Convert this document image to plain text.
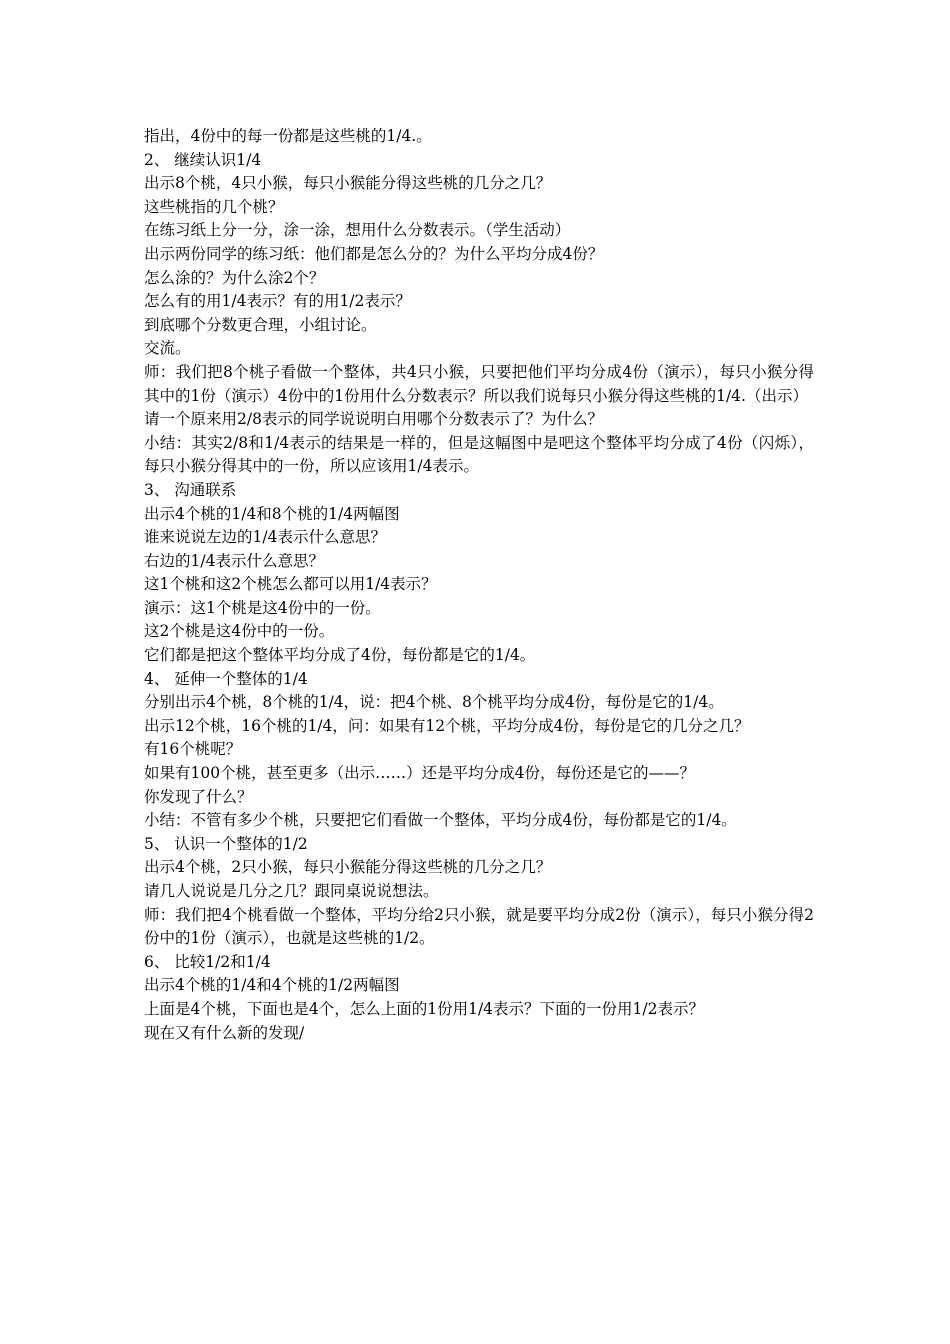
指出，4份中的每一份都是这些桃的1/4.。

2、 继续认识1/4

出示8个桃，4只小猴，每只小猴能分得这些桃的几分之几？

这些桃指的几个桃？

在练习纸上分一分，涂一涂，想用什么分数表示。（学生活动）

出示两份同学的练习纸：他们都是怎么分的？为什么平均分成4份？

怎么涂的？为什么涂2个？

怎么有的用1/4表示？有的用1/2表示？

到底哪个分数更合理，小组讨论。

交流。

师：我们把8个桃子看做一个整体，共4只小猴，只要把他们平均分成4份（演示），每只小猴分得其中的1份（演示）4份中的1份用什么分数表示？所以我们说每只小猴分得这些桃的1/4.（出示）

请一个原来用2/8表示的同学说说明白用哪个分数表示了？为什么？

小结：其实2/8和1/4表示的结果是一样的，但是这幅图中是吧这个整体平均分成了4份（闪烁），每只小猴分得其中的一份，所以应该用1/4表示。

3、 沟通联系

出示4个桃的1/4和8个桃的1/4两幅图

谁来说说左边的1/4表示什么意思？

右边的1/4表示什么意思？

这1个桃和这2个桃怎么都可以用1/4表示？

演示：这1个桃是这4份中的一份。

这2个桃是这4份中的一份。

它们都是把这个整体平均分成了4份，每份都是它的1/4。

4、 延伸一个整体的1/4

分别出示4个桃，8个桃的1/4，说：把4个桃、8个桃平均分成4份，每份是它的1/4。

出示12个桃，16个桃的1/4，问：如果有12个桃，平均分成4份，每份是它的几分之几？

有16个桃呢？

如果有100个桃，甚至更多（出示……）还是平均分成4份，每份还是它的——？

你发现了什么？

小结：不管有多少个桃，只要把它们看做一个整体，平均分成4份，每份都是它的1/4。

5、 认识一个整体的1/2

出示4个桃，2只小猴，每只小猴能分得这些桃的几分之几？

请几人说说是几分之几？跟同桌说说想法。

师：我们把4个桃看做一个整体，平均分给2只小猴，就是要平均分成2份（演示），每只小猴分得2份中的1份（演示），也就是这些桃的1/2。

6、 比较1/2和1/4

出示4个桃的1/4和4个桃的1/2两幅图

上面是4个桃，下面也是4个，怎么上面的1份用1/4表示？下面的一份用1/2表示？

现在又有什么新的发现/
